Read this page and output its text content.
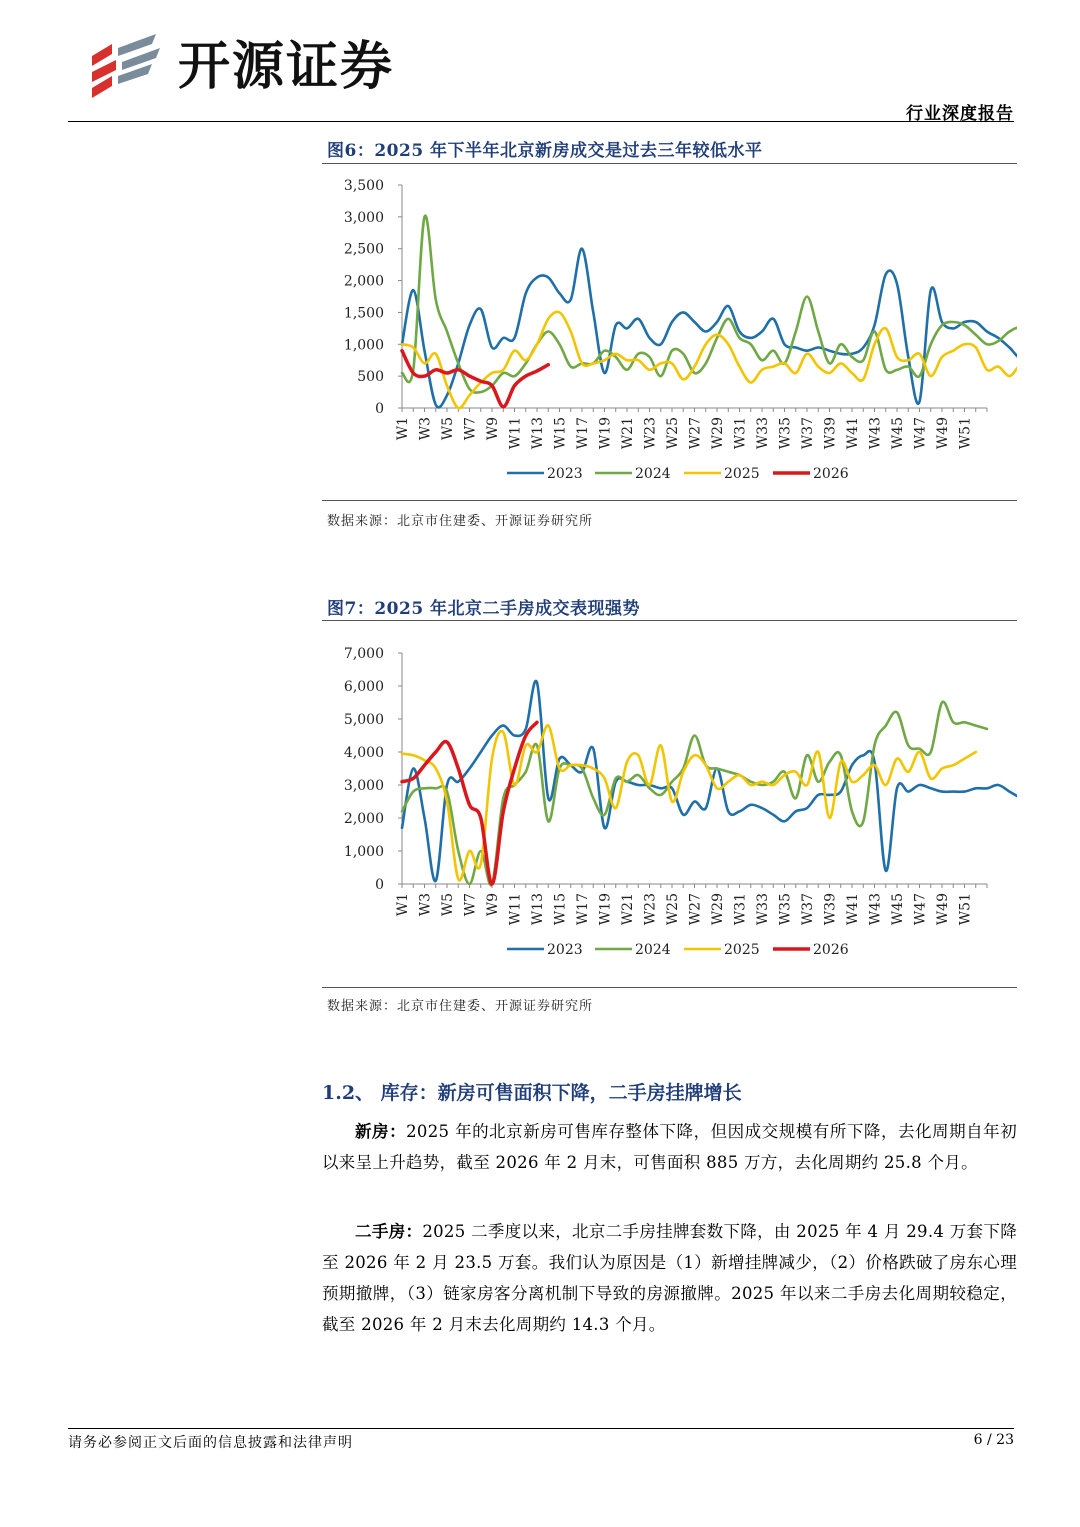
开源证券
行业深度报告
图6：2025 年下半年北京新房成交是过去三年较低水平
0
500
1,000
1,500
2,000
2,500
3,000
3,500
W1 W3 W5 W7 W9 W11 W13 W15 W17 W19 W21 W23 W25 W27 W29 W31 W33 W35 W37 W39 W41 W43 W45 W47 W49 W51
2023	2024	2025	2026
数据来源：北京市住建委、开源证券研究所
图7：2025 年北京二手房成交表现强势
0
1,000
2,000
3,000
4,000
5,000
6,000
7,000
W1 W3 W5 W7 W9 W11 W13 W15 W17 W19 W21 W23 W25 W27 W29 W31 W33 W35 W37 W39 W41 W43 W45 W47 W49 W51
2023	2024	2025	2026
数据来源：北京市住建委、开源证券研究所
1.2、 库存：新房可售面积下降，二手房挂牌增长
新房：2025 年的北京新房可售库存整体下降，但因成交规模有所下降，去化周期自年初以来呈上升趋势，截至 2026 年 2 月末，可售面积 885 万方，去化周期约 25.8 个月。
二手房：2025 二季度以来，北京二手房挂牌套数下降，由 2025 年 4 月 29.4 万套下降至 2026 年 2 月 23.5 万套。我们认为原因是（1）新增挂牌减少，（2）价格跌破了房东心理预期撤牌，（3）链家房客分离机制下导致的房源撤牌。2025 年以来二手房去化周期较稳定，截至 2026 年 2 月末去化周期约 14.3 个月。
请务必参阅正文后面的信息披露和法律声明	6 / 23
